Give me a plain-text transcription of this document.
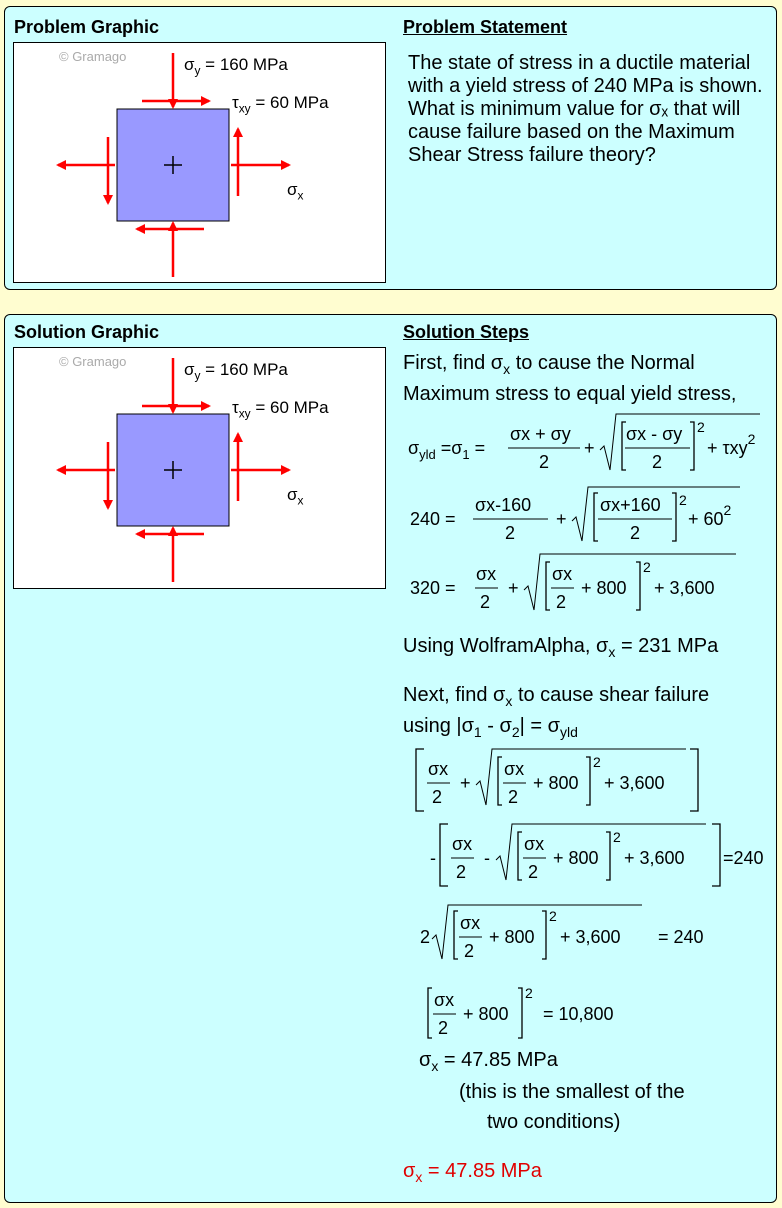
Problem Graphic	Problem Statement
© Gramago	$\sigma_y = 160$ MPa
$\tau_{xy} = 60$ MPa
$\sigma_x$
The state of stress in a ductile material with a yield stress of 240 MPa is shown. What is minimum value for σₓ that will cause failure based on the Maximum Shear Stress failure theory?
Solution Graphic	Solution Steps
© Gramago	$\sigma_y = 160$ MPa
$\tau_{xy} = 60$ MPa
$\sigma_x$
First, find $\sigma_x$ to cause the Normal
Maximum stress to equal yield stress,
$\sigma_{yld} =\sigma_1$ =
σx + σy
2
+
σx - σy
2
2
+ τxy$^2$
240 =
σx-160
2
+
σx+160
2
2
+ $60^2$
320 =
σx
2
+
σx
2
+ 800
2
+ 3,600
Using WolframAlpha, $\sigma_x = 231$ MPa
Next, find $\sigma_x$ to cause shear failure
using $|\sigma_1 - \sigma_2| = \sigma_{yld}$
σx
2
+
σx
2
+ 800
2
+ 3,600
-
σx
2
-
σx
2
+ 800
2
+ 3,600 =240
2
σx
2
+ 800
2
+ 3,600 = 240
σx
2
+ 800
2
= 10,800
$\sigma_x = 47.85$ MPa
(this is the smallest of the
two conditions)
$\sigma_x = 47.85$ MPa
